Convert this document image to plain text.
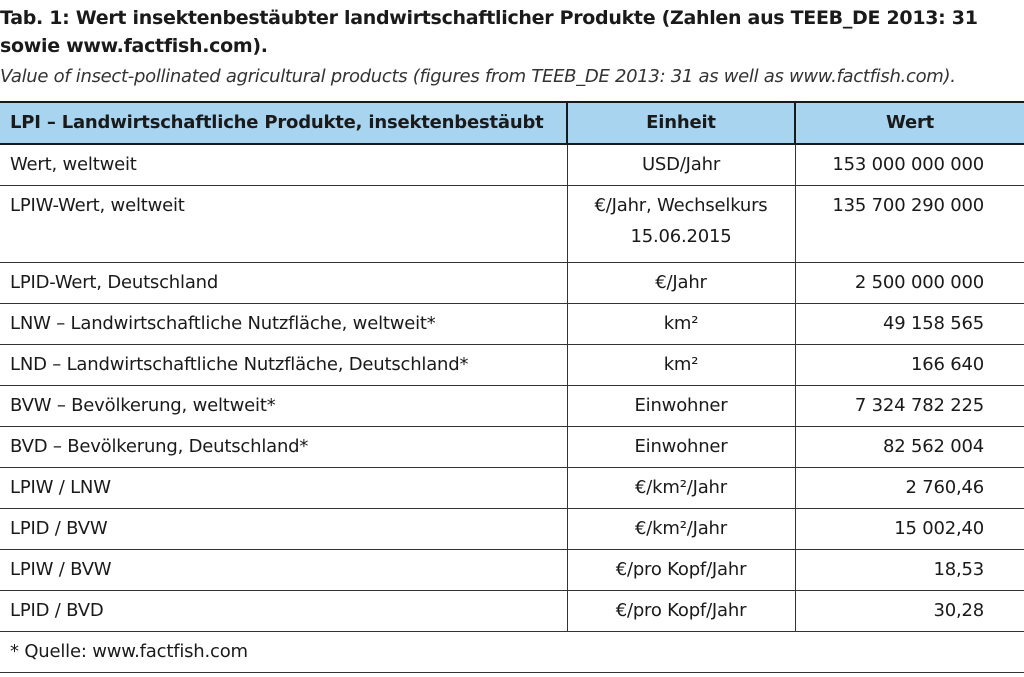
Tab. 1: Wert insektenbestäubter landwirtschaftlicher Produkte (Zahlen aus TEEB_DE 2013: 31 sowie www.factfish.com).
Value of insect-pollinated agricultural products (figures from TEEB_DE 2013: 31 as well as www.factfish.com).
LPI – Landwirtschaftliche Produkte, insektenbestäubt	Einheit	Wert
Wert, weltweit	USD/Jahr	153 000 000 000
LPIW-Wert, weltweit	€/Jahr, Wechselkurs 15.06.2015	135 700 290 000
LPID-Wert, Deutschland	€/Jahr	2 500 000 000
LNW – Landwirtschaftliche Nutzfläche, weltweit*	km²	49 158 565
LND – Landwirtschaftliche Nutzfläche, Deutschland*	km²	166 640
BVW – Bevölkerung, weltweit*	Einwohner	7 324 782 225
BVD – Bevölkerung, Deutschland*	Einwohner	82 562 004
LPIW / LNW	€/km²/Jahr	2 760,46
LPID / BVW	€/km²/Jahr	15 002,40
LPIW / BVW	€/pro Kopf/Jahr	18,53
LPID / BVD	€/pro Kopf/Jahr	30,28
* Quelle: www.factfish.com		
